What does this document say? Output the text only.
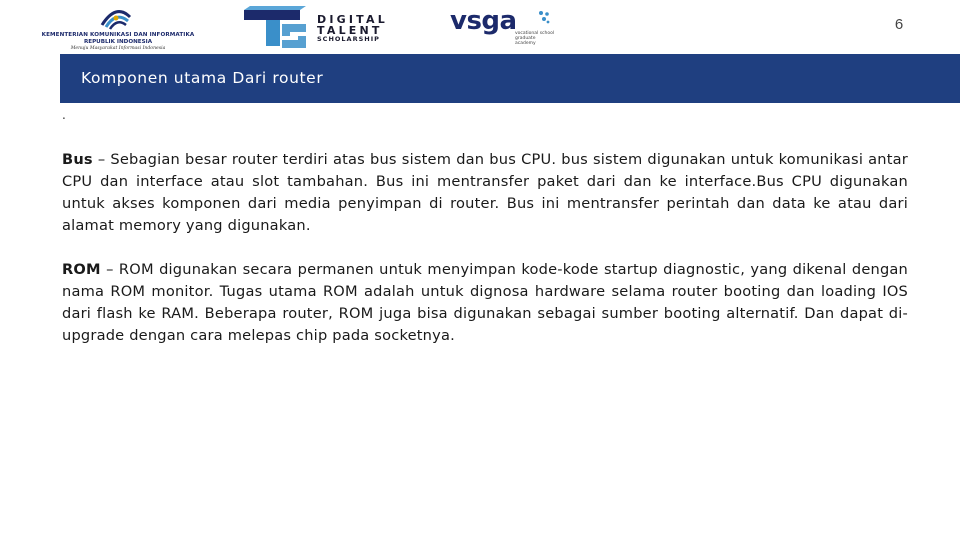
KEMENTERIAN KOMUNIKASI DAN INFORMATIKA
REPUBLIK INDONESIA
Menuju Masyarakat Informasi Indonesia
DIGITAL
TALENT
SCHOLARSHIP
vsga
vocational school graduate academy
6
Komponen utama Dari router
.

Bus – Sebagian besar router terdiri atas bus sistem dan bus CPU. bus sistem digunakan untuk komunikasi antar CPU dan interface atau slot tambahan. Bus ini mentransfer paket dari dan ke interface.Bus CPU digunakan untuk akses komponen dari media penyimpan di router. Bus ini mentransfer perintah dan data ke atau dari alamat memory yang digunakan.

ROM – ROM digunakan secara permanen untuk menyimpan kode-kode startup diagnostic, yang dikenal dengan nama ROM monitor. Tugas utama ROM adalah untuk dignosa hardware selama router booting dan loading IOS dari flash ke RAM. Beberapa router, ROM juga bisa digunakan sebagai sumber booting alternatif. Dan dapat di-upgrade dengan cara melepas chip pada socketnya.
